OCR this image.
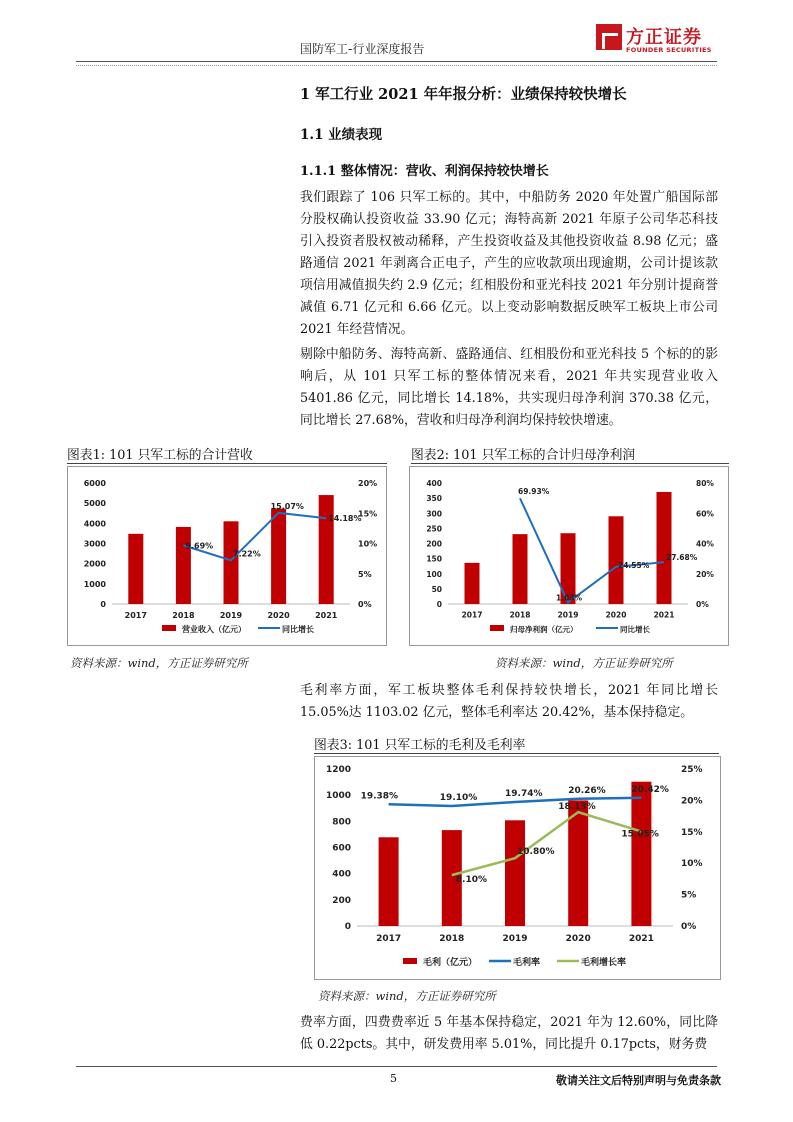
国防军工-行业深度报告
方正证券
FOUNDER SECURITIES
1 军工行业 2021 年年报分析：业绩保持较快增长
1.1 业绩表现
1.1.1 整体情况：营收、利润保持较快增长
我们跟踪了 106 只军工标的。其中，中船防务 2020 年处置广船国际部分股权确认投资收益 33.90 亿元；海特高新 2021 年原子公司华芯科技引入投资者股权被动稀释，产生投资收益及其他投资收益 8.98 亿元；盛路通信 2021 年剥离合正电子，产生的应收款项出现逾期，公司计提该款项信用减值损失约 2.9 亿元；红相股份和亚光科技 2021 年分别计提商誉减值 6.71 亿元和 6.66 亿元。以上变动影响数据反映军工板块上市公司 2021 年经营情况。
剔除中船防务、海特高新、盛路通信、红相股份和亚光科技 5 个标的的影响后，从 101 只军工标的整体情况来看，2021 年共实现营业收入 5401.86 亿元，同比增长 14.18%，共实现归母净利润 370.38 亿元，同比增长 27.68%，营收和归母净利润均保持较快增速。
图表1: 101 只军工标的合计营收
0
1000
2000
3000
4000
5000
6000
0%
5%
10%
15%
20%
2017	2018	2019	2020	2021
9.69%
7.22%
15.07%
14.18%
营业收入（亿元）	同比增长
图表2: 101 只军工标的合计归母净利润
0
50
100
150
200
250
300
350
400
0%
20%
40%
60%
80%
2017	2018	2019	2020	2021
69.93%
1.03%
24.55%
27.68%
归母净利润（亿元）	同比增长
资料来源：wind，方正证券研究所	资料来源：wind，方正证券研究所
毛利率方面，军工板块整体毛利保持较快增长，2021 年同比增长 15.05%达 1103.02 亿元，整体毛利率达 20.42%，基本保持稳定。
图表3: 101 只军工标的毛利及毛利率
0
200
400
600
800
1000
1200
0%
5%
10%
15%
20%
25%
2017	2018	2019	2020	2021
19.38%	19.10%	19.74%	20.26%	20.42%
8.10%
10.80%
18.13%
15.05%
毛利（亿元）	毛利率	毛利增长率
资料来源：wind，方正证券研究所
费率方面，四费费率近 5 年基本保持稳定，2021 年为 12.60%，同比降低 0.22pcts。其中，研发费用率 5.01%，同比提升 0.17pcts，财务费
5	敬请关注文后特别声明与免责条款
